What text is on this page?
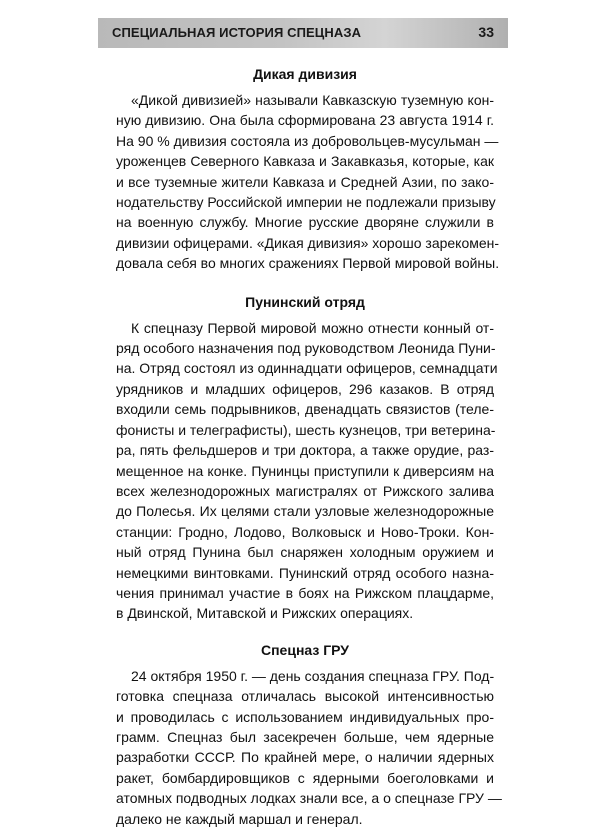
СПЕЦИАЛЬНАЯ ИСТОРИЯ СПЕЦНАЗА	33
Дикая дивизия
«Дикой дивизией» называли Кавказскую туземную кон-
ную дивизию. Она была сформирована 23 августа 1914 г.
На 90 % дивизия состояла из добровольцев-мусульман —
уроженцев Северного Кавказа и Закавказья, которые, как
и все туземные жители Кавказа и Средней Азии, по зако-
нодательству Российской империи не подлежали призыву
на военную службу. Многие русские дворяне служили в
дивизии офицерами. «Дикая дивизия» хорошо зарекомен-
довала себя во многих сражениях Первой мировой войны.
Пунинский отряд
К спецназу Первой мировой можно отнести конный от-
ряд особого назначения под руководством Леонида Пуни-
на. Отряд состоял из одиннадцати офицеров, семнадцати
урядников и младших офицеров, 296 казаков. В отряд
входили семь подрывников, двенадцать связистов (теле-
фонисты и телеграфисты), шесть кузнецов, три ветерина-
ра, пять фельдшеров и три доктора, а также орудие, раз-
мещенное на конке. Пунинцы приступили к диверсиям на
всех железнодорожных магистралях от Рижского залива
до Полесья. Их целями стали узловые железнодорожные
станции: Гродно, Лодово, Волковыск и Ново-Троки. Кон-
ный отряд Пунина был снаряжен холодным оружием и
немецкими винтовками. Пунинский отряд особого назна-
чения принимал участие в боях на Рижском плацдарме,
в Двинской, Митавской и Рижских операциях.
Спецназ ГРУ
24 октября 1950 г. — день создания спецназа ГРУ. Под-
готовка спецназа отличалась высокой интенсивностью
и проводилась с использованием индивидуальных про-
грамм. Спецназ был засекречен больше, чем ядерные
разработки СССР. По крайней мере, о наличии ядерных
ракет, бомбардировщиков с ядерными боеголовками и
атомных подводных лодках знали все, а о спецназе ГРУ —
далеко не каждый маршал и генерал.
